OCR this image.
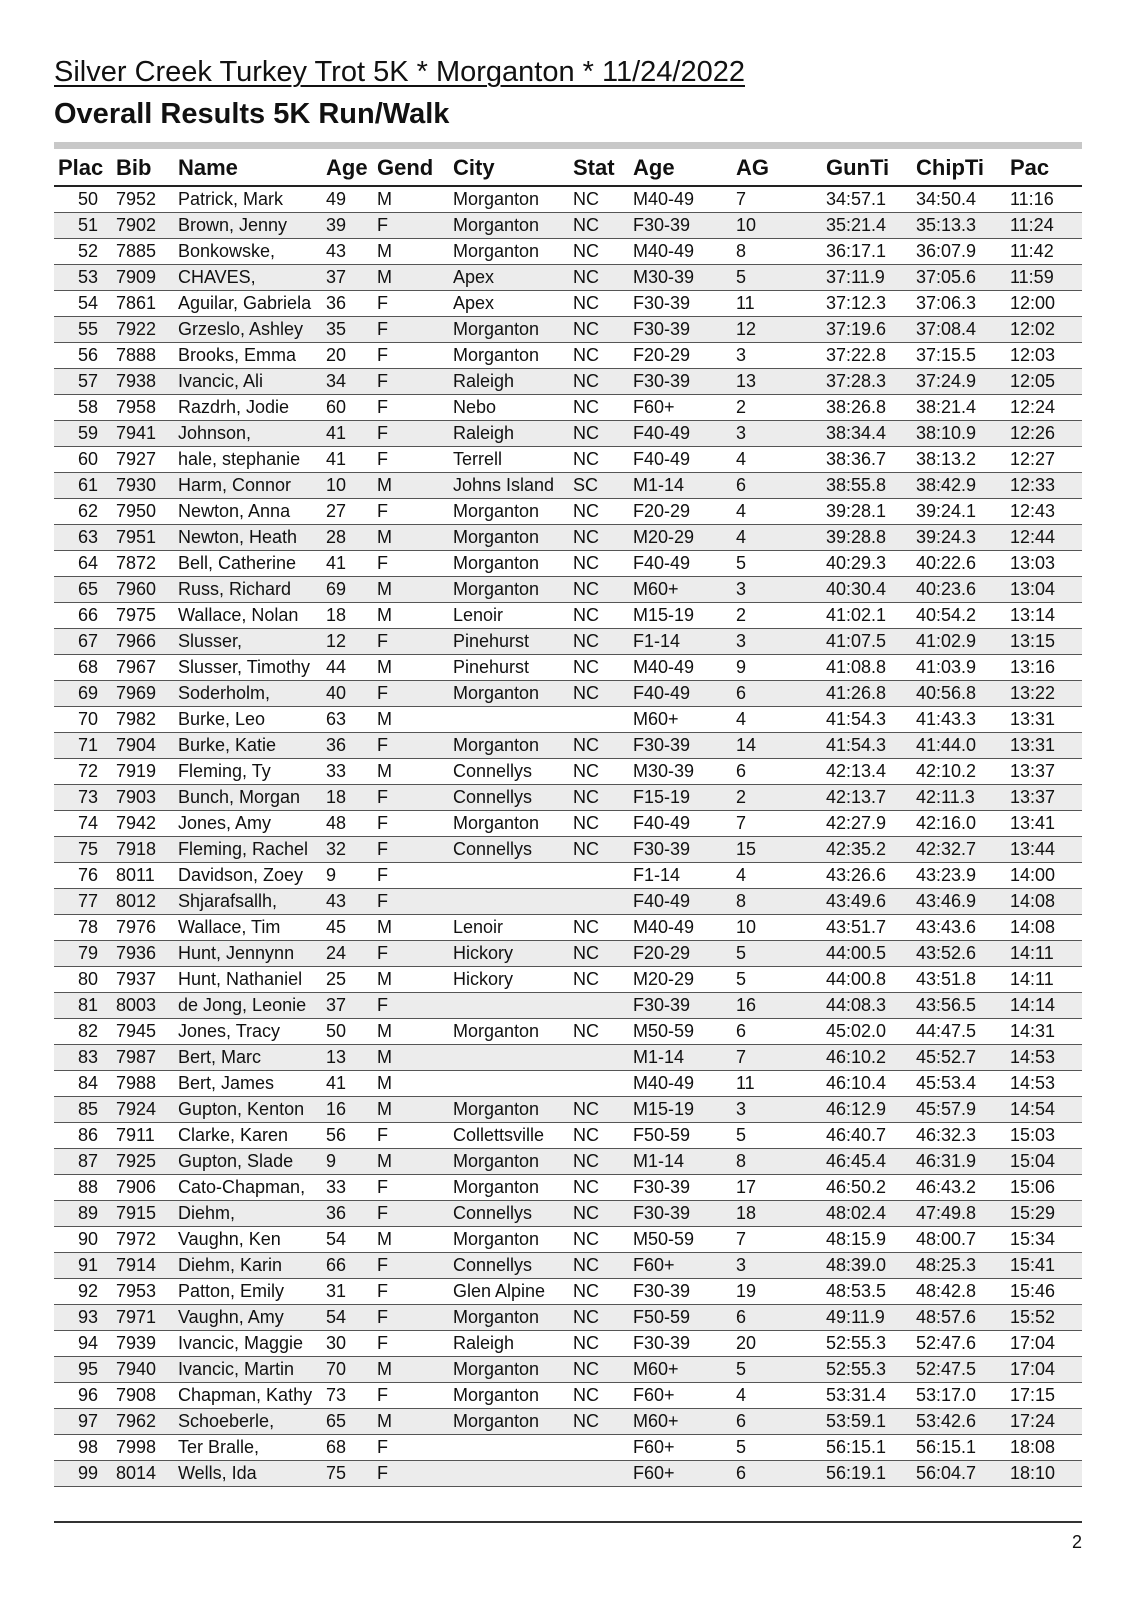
Silver Creek Turkey Trot 5K * Morganton * 11/24/2022
Overall Results 5K Run/Walk
Plac	Bib	Name	Age	Gend	City	Stat	Age	AG	GunTi	ChipTi	Pac
50	7952	Patrick, Mark	49	M	Morganton	NC	M40-49	7	34:57.1	34:50.4	11:16
51	7902	Brown, Jenny	39	F	Morganton	NC	F30-39	10	35:21.4	35:13.3	11:24
52	7885	Bonkowske,	43	M	Morganton	NC	M40-49	8	36:17.1	36:07.9	11:42
53	7909	CHAVES,	37	M	Apex	NC	M30-39	5	37:11.9	37:05.6	11:59
54	7861	Aguilar, Gabriela	36	F	Apex	NC	F30-39	11	37:12.3	37:06.3	12:00
55	7922	Grzeslo, Ashley	35	F	Morganton	NC	F30-39	12	37:19.6	37:08.4	12:02
56	7888	Brooks, Emma	20	F	Morganton	NC	F20-29	3	37:22.8	37:15.5	12:03
57	7938	Ivancic, Ali	34	F	Raleigh	NC	F30-39	13	37:28.3	37:24.9	12:05
58	7958	Razdrh, Jodie	60	F	Nebo	NC	F60+	2	38:26.8	38:21.4	12:24
59	7941	Johnson,	41	F	Raleigh	NC	F40-49	3	38:34.4	38:10.9	12:26
60	7927	hale, stephanie	41	F	Terrell	NC	F40-49	4	38:36.7	38:13.2	12:27
61	7930	Harm, Connor	10	M	Johns Island	SC	M1-14	6	38:55.8	38:42.9	12:33
62	7950	Newton, Anna	27	F	Morganton	NC	F20-29	4	39:28.1	39:24.1	12:43
63	7951	Newton, Heath	28	M	Morganton	NC	M20-29	4	39:28.8	39:24.3	12:44
64	7872	Bell, Catherine	41	F	Morganton	NC	F40-49	5	40:29.3	40:22.6	13:03
65	7960	Russ, Richard	69	M	Morganton	NC	M60+	3	40:30.4	40:23.6	13:04
66	7975	Wallace, Nolan	18	M	Lenoir	NC	M15-19	2	41:02.1	40:54.2	13:14
67	7966	Slusser,	12	F	Pinehurst	NC	F1-14	3	41:07.5	41:02.9	13:15
68	7967	Slusser, Timothy	44	M	Pinehurst	NC	M40-49	9	41:08.8	41:03.9	13:16
69	7969	Soderholm,	40	F	Morganton	NC	F40-49	6	41:26.8	40:56.8	13:22
70	7982	Burke, Leo	63	M			M60+	4	41:54.3	41:43.3	13:31
71	7904	Burke, Katie	36	F	Morganton	NC	F30-39	14	41:54.3	41:44.0	13:31
72	7919	Fleming, Ty	33	M	Connellys	NC	M30-39	6	42:13.4	42:10.2	13:37
73	7903	Bunch, Morgan	18	F	Connellys	NC	F15-19	2	42:13.7	42:11.3	13:37
74	7942	Jones, Amy	48	F	Morganton	NC	F40-49	7	42:27.9	42:16.0	13:41
75	7918	Fleming, Rachel	32	F	Connellys	NC	F30-39	15	42:35.2	42:32.7	13:44
76	8011	Davidson, Zoey	9	F			F1-14	4	43:26.6	43:23.9	14:00
77	8012	Shjarafsallh,	43	F			F40-49	8	43:49.6	43:46.9	14:08
78	7976	Wallace, Tim	45	M	Lenoir	NC	M40-49	10	43:51.7	43:43.6	14:08
79	7936	Hunt, Jennynn	24	F	Hickory	NC	F20-29	5	44:00.5	43:52.6	14:11
80	7937	Hunt, Nathaniel	25	M	Hickory	NC	M20-29	5	44:00.8	43:51.8	14:11
81	8003	de Jong, Leonie	37	F			F30-39	16	44:08.3	43:56.5	14:14
82	7945	Jones, Tracy	50	M	Morganton	NC	M50-59	6	45:02.0	44:47.5	14:31
83	7987	Bert, Marc	13	M			M1-14	7	46:10.2	45:52.7	14:53
84	7988	Bert, James	41	M			M40-49	11	46:10.4	45:53.4	14:53
85	7924	Gupton, Kenton	16	M	Morganton	NC	M15-19	3	46:12.9	45:57.9	14:54
86	7911	Clarke, Karen	56	F	Collettsville	NC	F50-59	5	46:40.7	46:32.3	15:03
87	7925	Gupton, Slade	9	M	Morganton	NC	M1-14	8	46:45.4	46:31.9	15:04
88	7906	Cato-Chapman,	33	F	Morganton	NC	F30-39	17	46:50.2	46:43.2	15:06
89	7915	Diehm,	36	F	Connellys	NC	F30-39	18	48:02.4	47:49.8	15:29
90	7972	Vaughn, Ken	54	M	Morganton	NC	M50-59	7	48:15.9	48:00.7	15:34
91	7914	Diehm, Karin	66	F	Connellys	NC	F60+	3	48:39.0	48:25.3	15:41
92	7953	Patton, Emily	31	F	Glen Alpine	NC	F30-39	19	48:53.5	48:42.8	15:46
93	7971	Vaughn, Amy	54	F	Morganton	NC	F50-59	6	49:11.9	48:57.6	15:52
94	7939	Ivancic, Maggie	30	F	Raleigh	NC	F30-39	20	52:55.3	52:47.6	17:04
95	7940	Ivancic, Martin	70	M	Morganton	NC	M60+	5	52:55.3	52:47.5	17:04
96	7908	Chapman, Kathy	73	F	Morganton	NC	F60+	4	53:31.4	53:17.0	17:15
97	7962	Schoeberle,	65	M	Morganton	NC	M60+	6	53:59.1	53:42.6	17:24
98	7998	Ter Bralle,	68	F			F60+	5	56:15.1	56:15.1	18:08
99	8014	Wells, Ida	75	F			F60+	6	56:19.1	56:04.7	18:10
2
